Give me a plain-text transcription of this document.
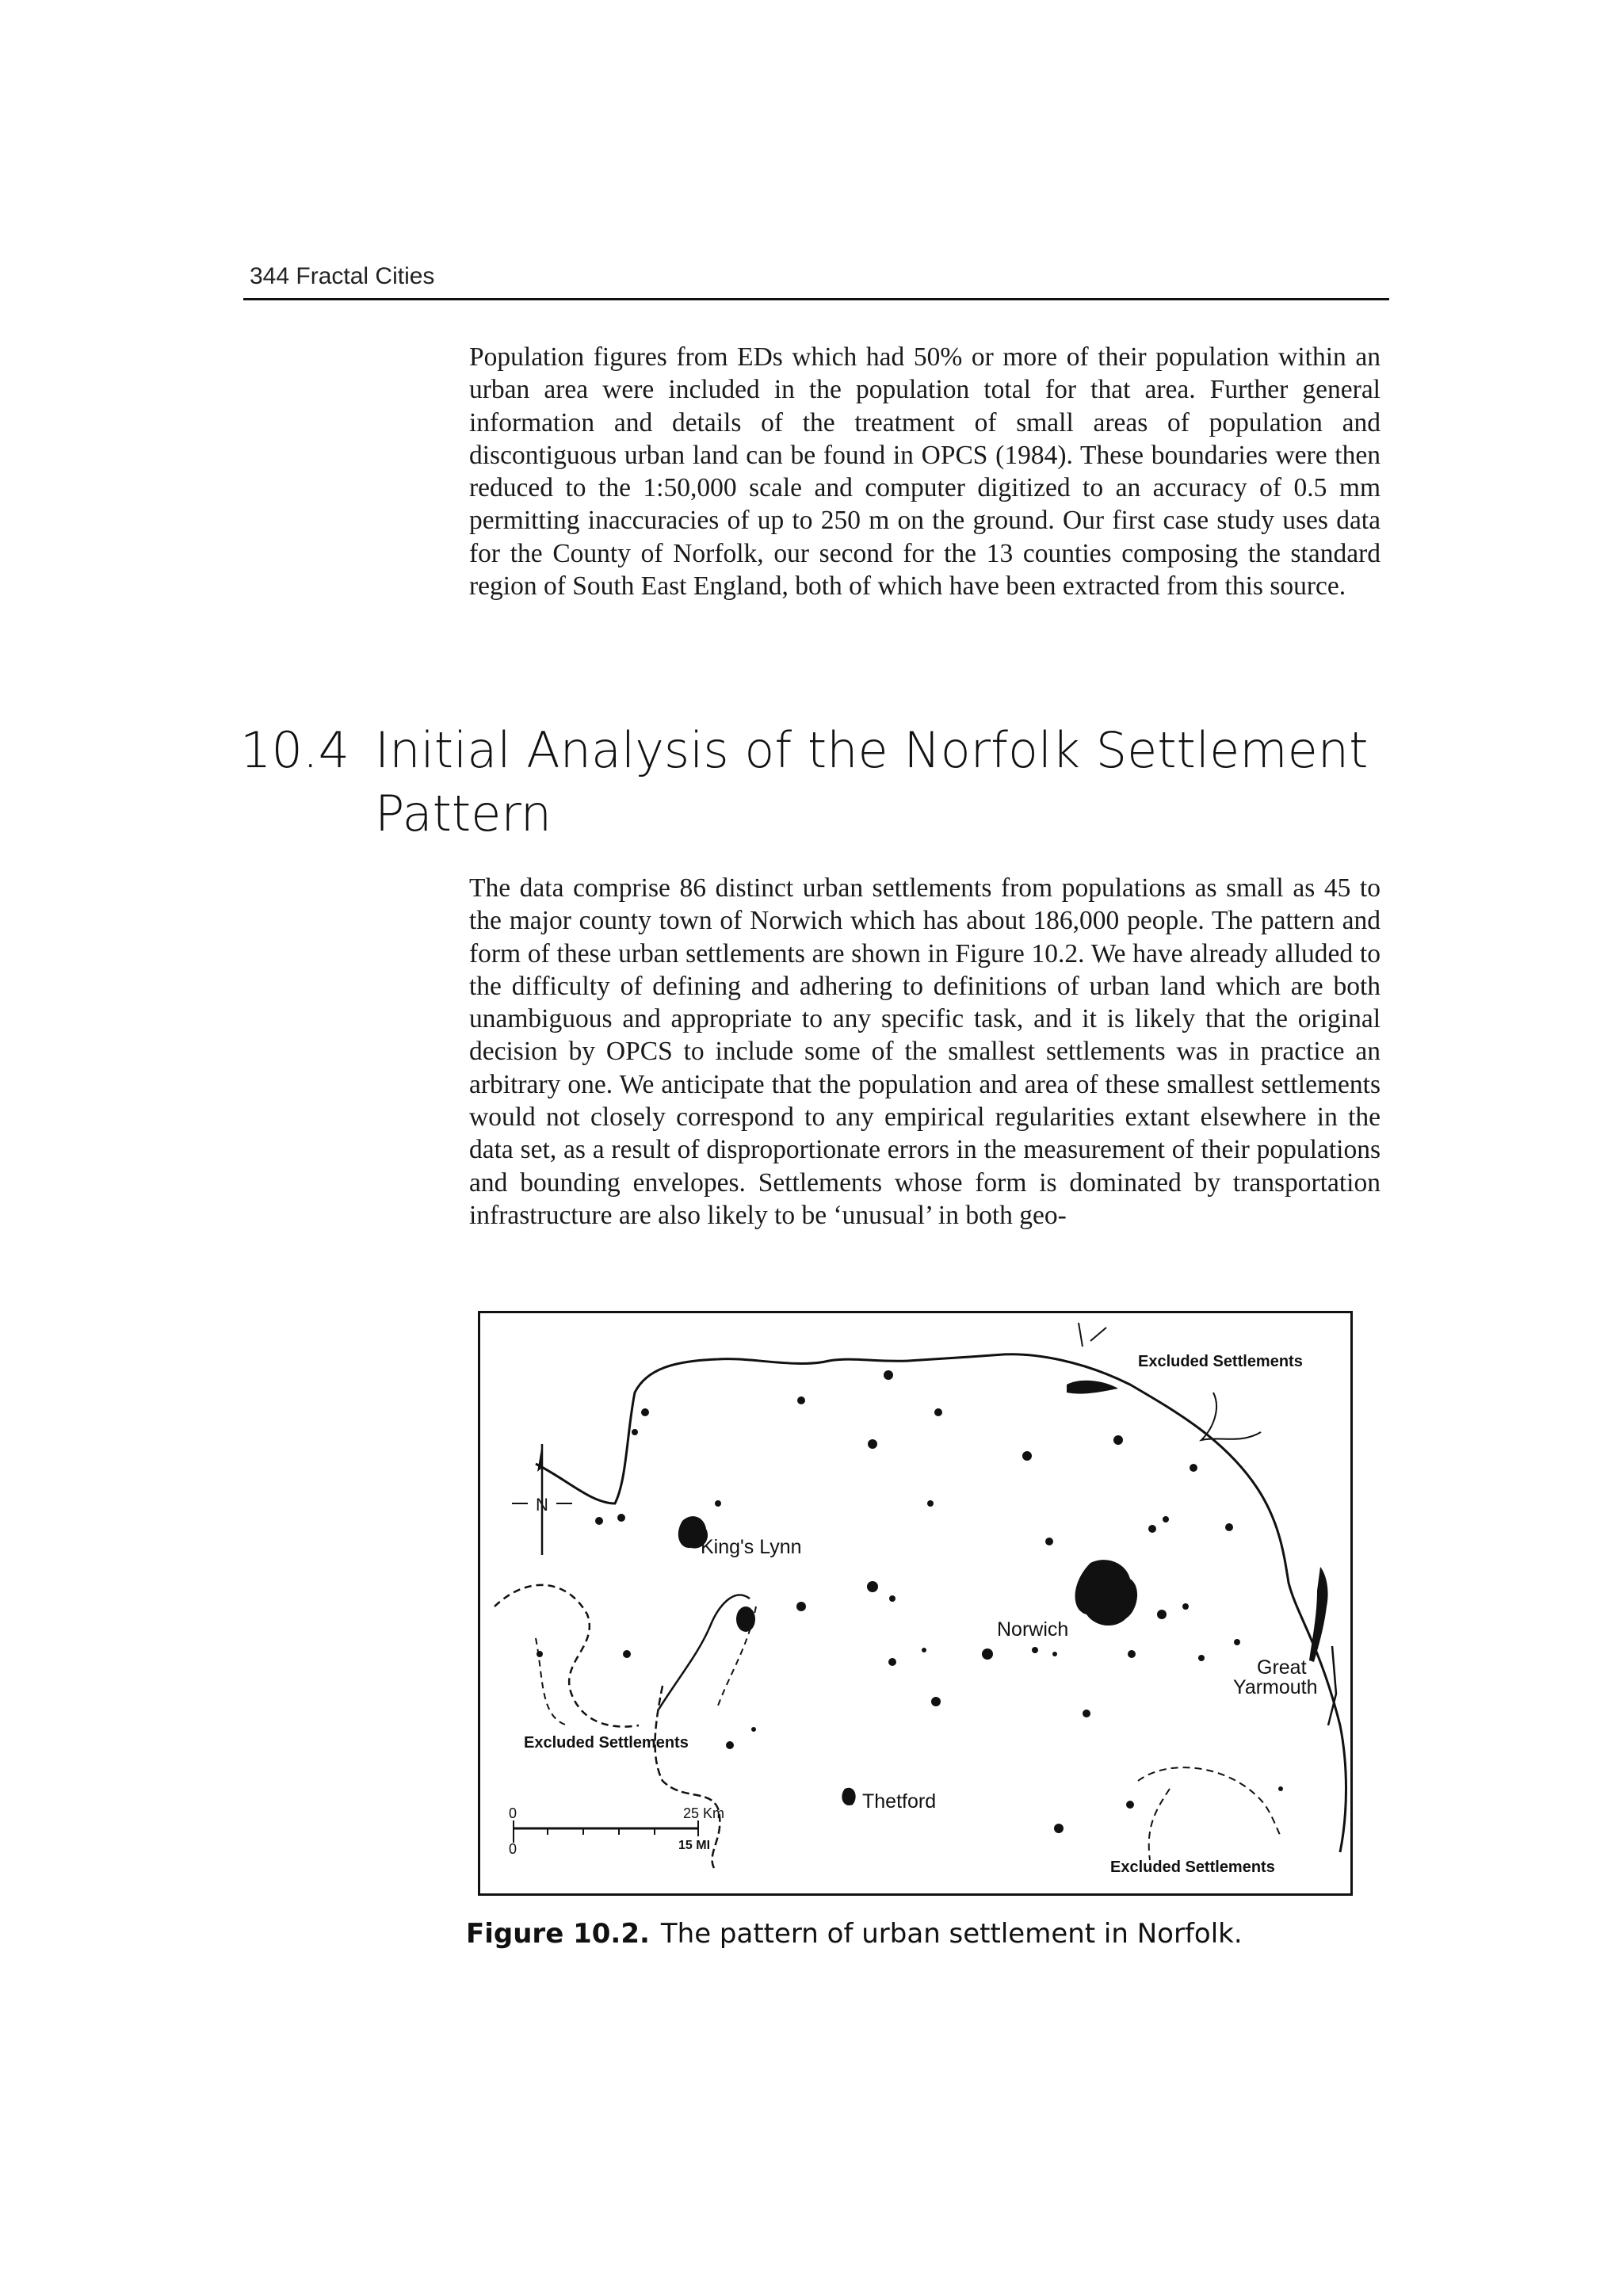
344 Fractal Cities

Population figures from EDs which had 50% or more of their population within an urban area were included in the population total for that area. Further general information and details of the treatment of small areas of population and discontiguous urban land can be found in OPCS (1984). These boundaries were then reduced to the 1:50,000 scale and computer digitized to an accuracy of 0.5 mm permitting inaccuracies of up to 250 m on the ground. Our first case study uses data for the County of Norfolk, our second for the 13 counties composing the standard region of South East England, both of which have been extracted from this source.

10.4 Initial Analysis of the Norfolk Settlement
Pattern

The data comprise 86 distinct urban settlements from populations as small as 45 to the major county town of Norwich which has about 186,000 people. The pattern and form of these urban settlements are shown in Figure 10.2. We have already alluded to the difficulty of defining and adhering to definitions of urban land which are both unambiguous and appropriate to any specific task, and it is likely that the original decision by OPCS to include some of the smallest settlements was in practice an arbitrary one. We anticipate that the population and area of these smallest settlements would not closely correspond to any empirical regularities extant elsewhere in the data set, as a result of disproportionate errors in the measurement of their populations and bounding envelopes. Settlements whose form is dominated by transportation infrastructure are also likely to be ‘unusual’ in both geo-

N
0
0
25 Km
15 MI
Excluded Settlements
Excluded Settlements
Excluded Settlements
King's Lynn
Norwich
Great
Yarmouth
Thetford
Figure 10.2. The pattern of urban settlement in Norfolk.
